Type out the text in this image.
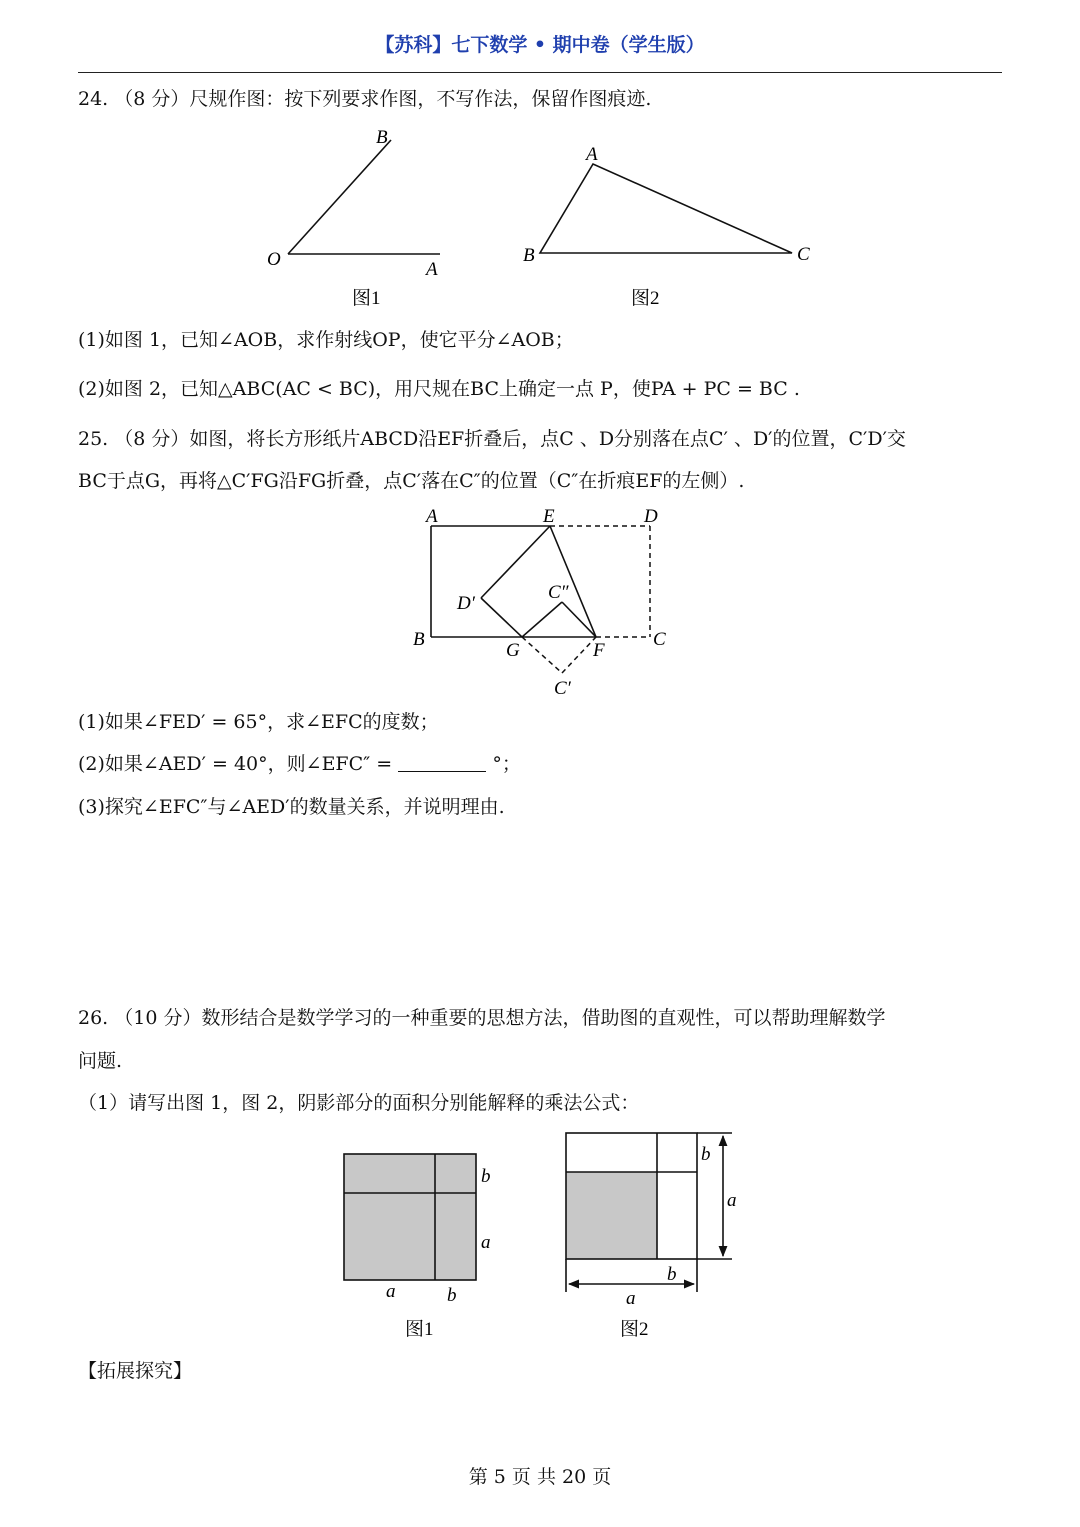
【苏科】七下数学 • 期中卷（学生版）
24. （8 分）尺规作图：按下列要求作图，不写作法，保留作图痕迹.
B
O	A
图1
A
B	C
图2
(1)如图 1，已知∠AOB，求作射线OP，使它平分∠AOB；
(2)如图 2，已知△ABC(AC < BC)，用尺规在BC上确定一点 P，使PA + PC = BC .
25. （8 分）如图，将长方形纸片ABCD沿EF折叠后，点C 、D分别落在点C′ 、D′的位置，C′D′交
BC于点G，再将△C′FG沿FG折叠，点C′落在C″的位置（C″在折痕EF的左侧）.
A	E	D
D′
C″
B
G	F
C
C′
(1)如果∠FED′ = 65°，求∠EFC的度数；
(2)如果∠AED′ = 40°，则∠EFC″ =	°；
(3)探究∠EFC″与∠AED′的数量关系，并说明理由.
26. （10 分）数形结合是数学学习的一种重要的思想方法，借助图的直观性，可以帮助理解数学
问题.
（1）请写出图 1，图 2，阴影部分的面积分别能解释的乘法公式：
b
a
a	b
图1
b
a
b
a
图2
【拓展探究】
第 5 页 共 20 页
